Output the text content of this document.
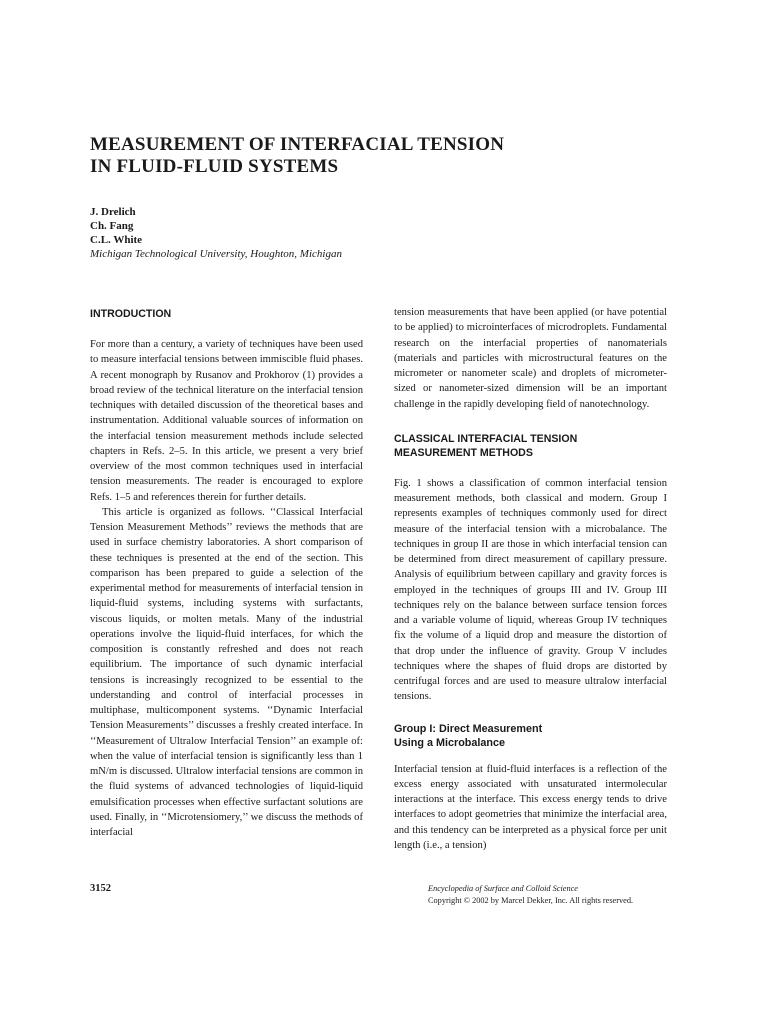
MEASUREMENT OF INTERFACIAL TENSION
IN FLUID-FLUID SYSTEMS
J. Drelich
Ch. Fang
C.L. White
Michigan Technological University, Houghton, Michigan
INTRODUCTION

For more than a century, a variety of techniques have been used to measure interfacial tensions between immiscible fluid phases. A recent monograph by Rusanov and Prokhorov (1) provides a broad review of the technical literature on the interfacial tension techniques with detailed discussion of the theoretical bases and instrumentation. Additional valuable sources of information on the interfacial tension measurement methods include selected chapters in Refs. 2–5. In this article, we present a very brief overview of the most common techniques used in interfacial tension measurements. The reader is encouraged to explore Refs. 1–5 and references therein for further details.

This article is organized as follows. ‘‘Classical Interfacial Tension Measurement Methods’’ reviews the methods that are used in surface chemistry laboratories. A short comparison of these techniques is presented at the end of the section. This comparison has been prepared to guide a selection of the experimental method for measurements of interfacial tension in liquid-fluid systems, including systems with surfactants, viscous liquids, or molten metals. Many of the industrial operations involve the liquid-fluid interfaces, for which the composition is constantly refreshed and does not reach equilibrium. The importance of such dynamic interfacial tensions is increasingly recognized to be essential to the understanding and control of interfacial processes in multiphase, multicomponent systems. ‘‘Dynamic Interfacial Tension Measurements’’ discusses a freshly created interface. In ‘‘Measurement of Ultralow Interfacial Tension’’ an example of: when the value of interfacial tension is significantly less than 1 mN/m is discussed. Ultralow interfacial tensions are common in the fluid systems of advanced technologies of liquid-liquid emulsification processes when effective surfactant solutions are used. Finally, in ‘‘Microtensiomery,’’ we discuss the methods of interfacial

tension measurements that have been applied (or have potential to be applied) to microinterfaces of microdroplets. Fundamental research on the interfacial properties of nanomaterials (materials and particles with microstructural features on the micrometer or nanometer scale) and droplets of micrometer-sized or nanometer-sized dimension will be an important challenge in the rapidly developing field of nanotechnology.

CLASSICAL INTERFACIAL TENSION
MEASUREMENT METHODS

Fig. 1 shows a classification of common interfacial tension measurement methods, both classical and modern. Group I represents examples of techniques commonly used for direct measure of the interfacial tension with a microbalance. The techniques in group II are those in which interfacial tension can be determined from direct measurement of capillary pressure. Analysis of equilibrium between capillary and gravity forces is employed in the techniques of groups III and IV. Group III techniques rely on the balance between surface tension forces and a variable volume of liquid, whereas Group IV techniques fix the volume of a liquid drop and measure the distortion of that drop under the influence of gravity. Group V includes techniques where the shapes of fluid drops are distorted by centrifugal forces and are used to measure ultralow interfacial tensions.

Group I: Direct Measurement
Using a Microbalance

Interfacial tension at fluid-fluid interfaces is a reflection of the excess energy associated with unsaturated intermolecular interactions at the interface. This excess energy tends to drive interfaces to adopt geometries that minimize the interfacial area, and this tendency can be interpreted as a physical force per unit length (i.e., a tension)

3152	Encyclopedia of Surface and Colloid Science
Copyright © 2002 by Marcel Dekker, Inc. All rights reserved.
